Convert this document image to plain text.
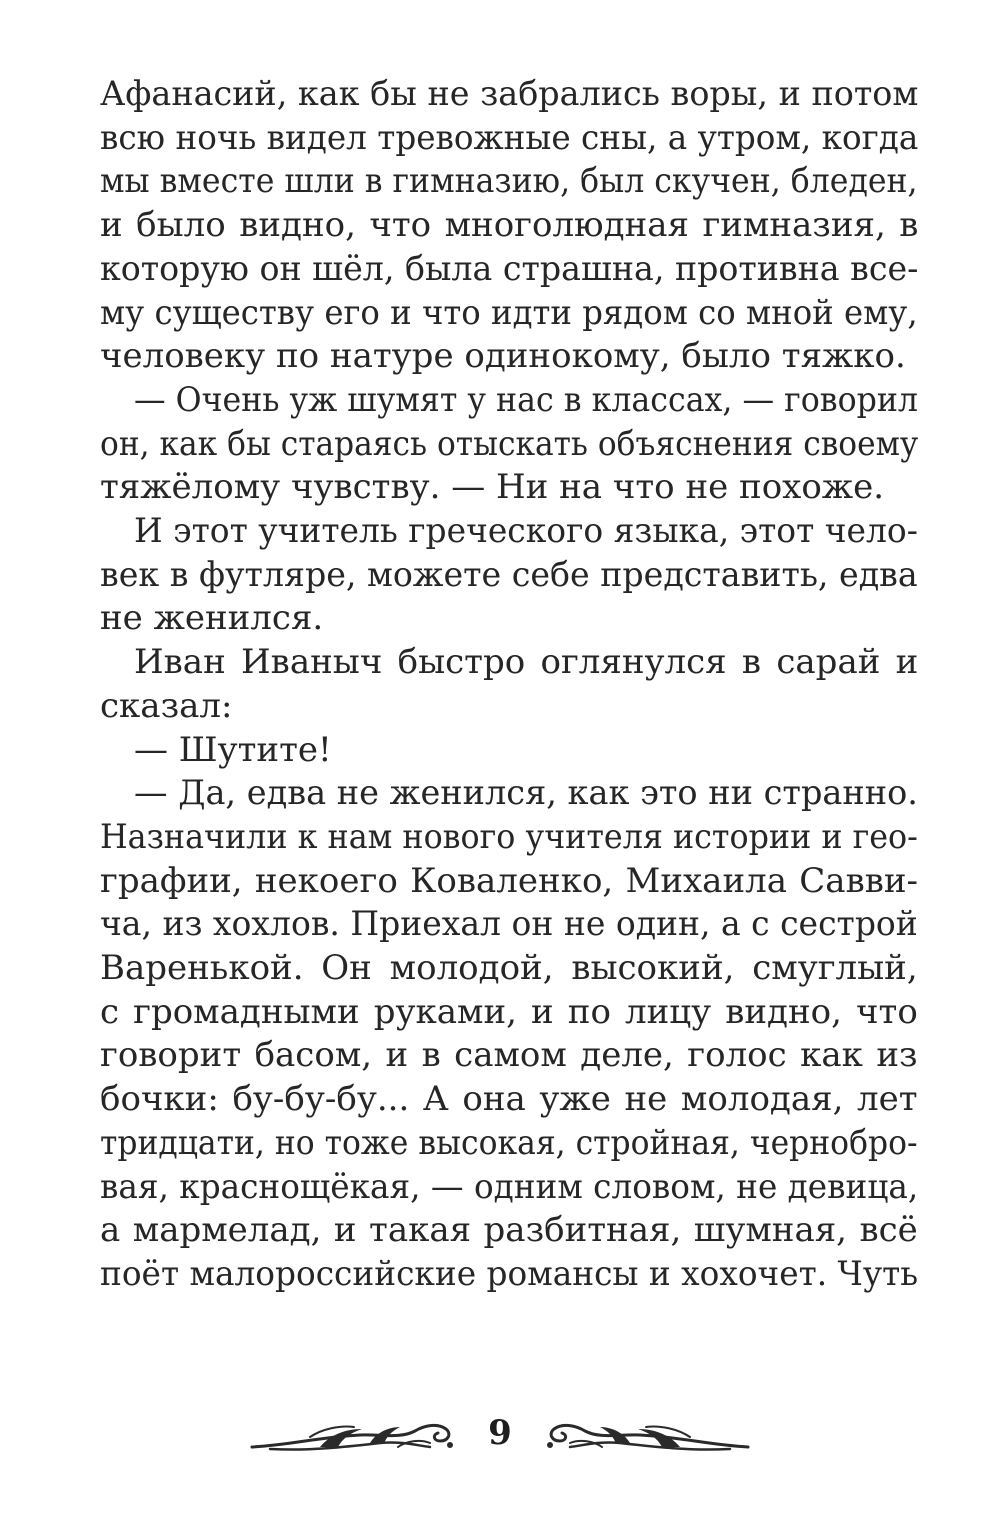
Афанасий, как бы не забрались воры, и потом
всю ночь видел тревожные сны, а утром, когда
мы вместе шли в гимназию, был скучен, бледен,
и было видно, что многолюдная гимназия, в
которую он шёл, была страшна, противна все-
му существу его и что идти рядом со мной ему,
человеку по натуре одинокому, было тяжко.
— Очень уж шумят у нас в классах, — говорил
он, как бы стараясь отыскать объяснения своему
тяжёлому чувству. — Ни на что не похоже.
И этот учитель греческого языка, этот чело-
век в футляре, можете себе представить, едва
не женился.
Иван Иваныч быстро оглянулся в сарай и
сказал:
— Шутите!
— Да, едва не женился, как это ни странно.
Назначили к нам нового учителя истории и гео-
графии, некоего Коваленко, Михаила Савви-
ча, из хохлов. Приехал он не один, а с сестрой
Варенькой. Он молодой, высокий, смуглый,
с громадными руками, и по лицу видно, что
говорит басом, и в самом деле, голос как из
бочки: бу-бу-бу... А она уже не молодая, лет
тридцати, но тоже высокая, стройная, чернобро-
вая, краснощёкая, — одним словом, не девица,
а мармелад, и такая разбитная, шумная, всё
поёт малороссийские романсы и хохочет. Чуть
9
